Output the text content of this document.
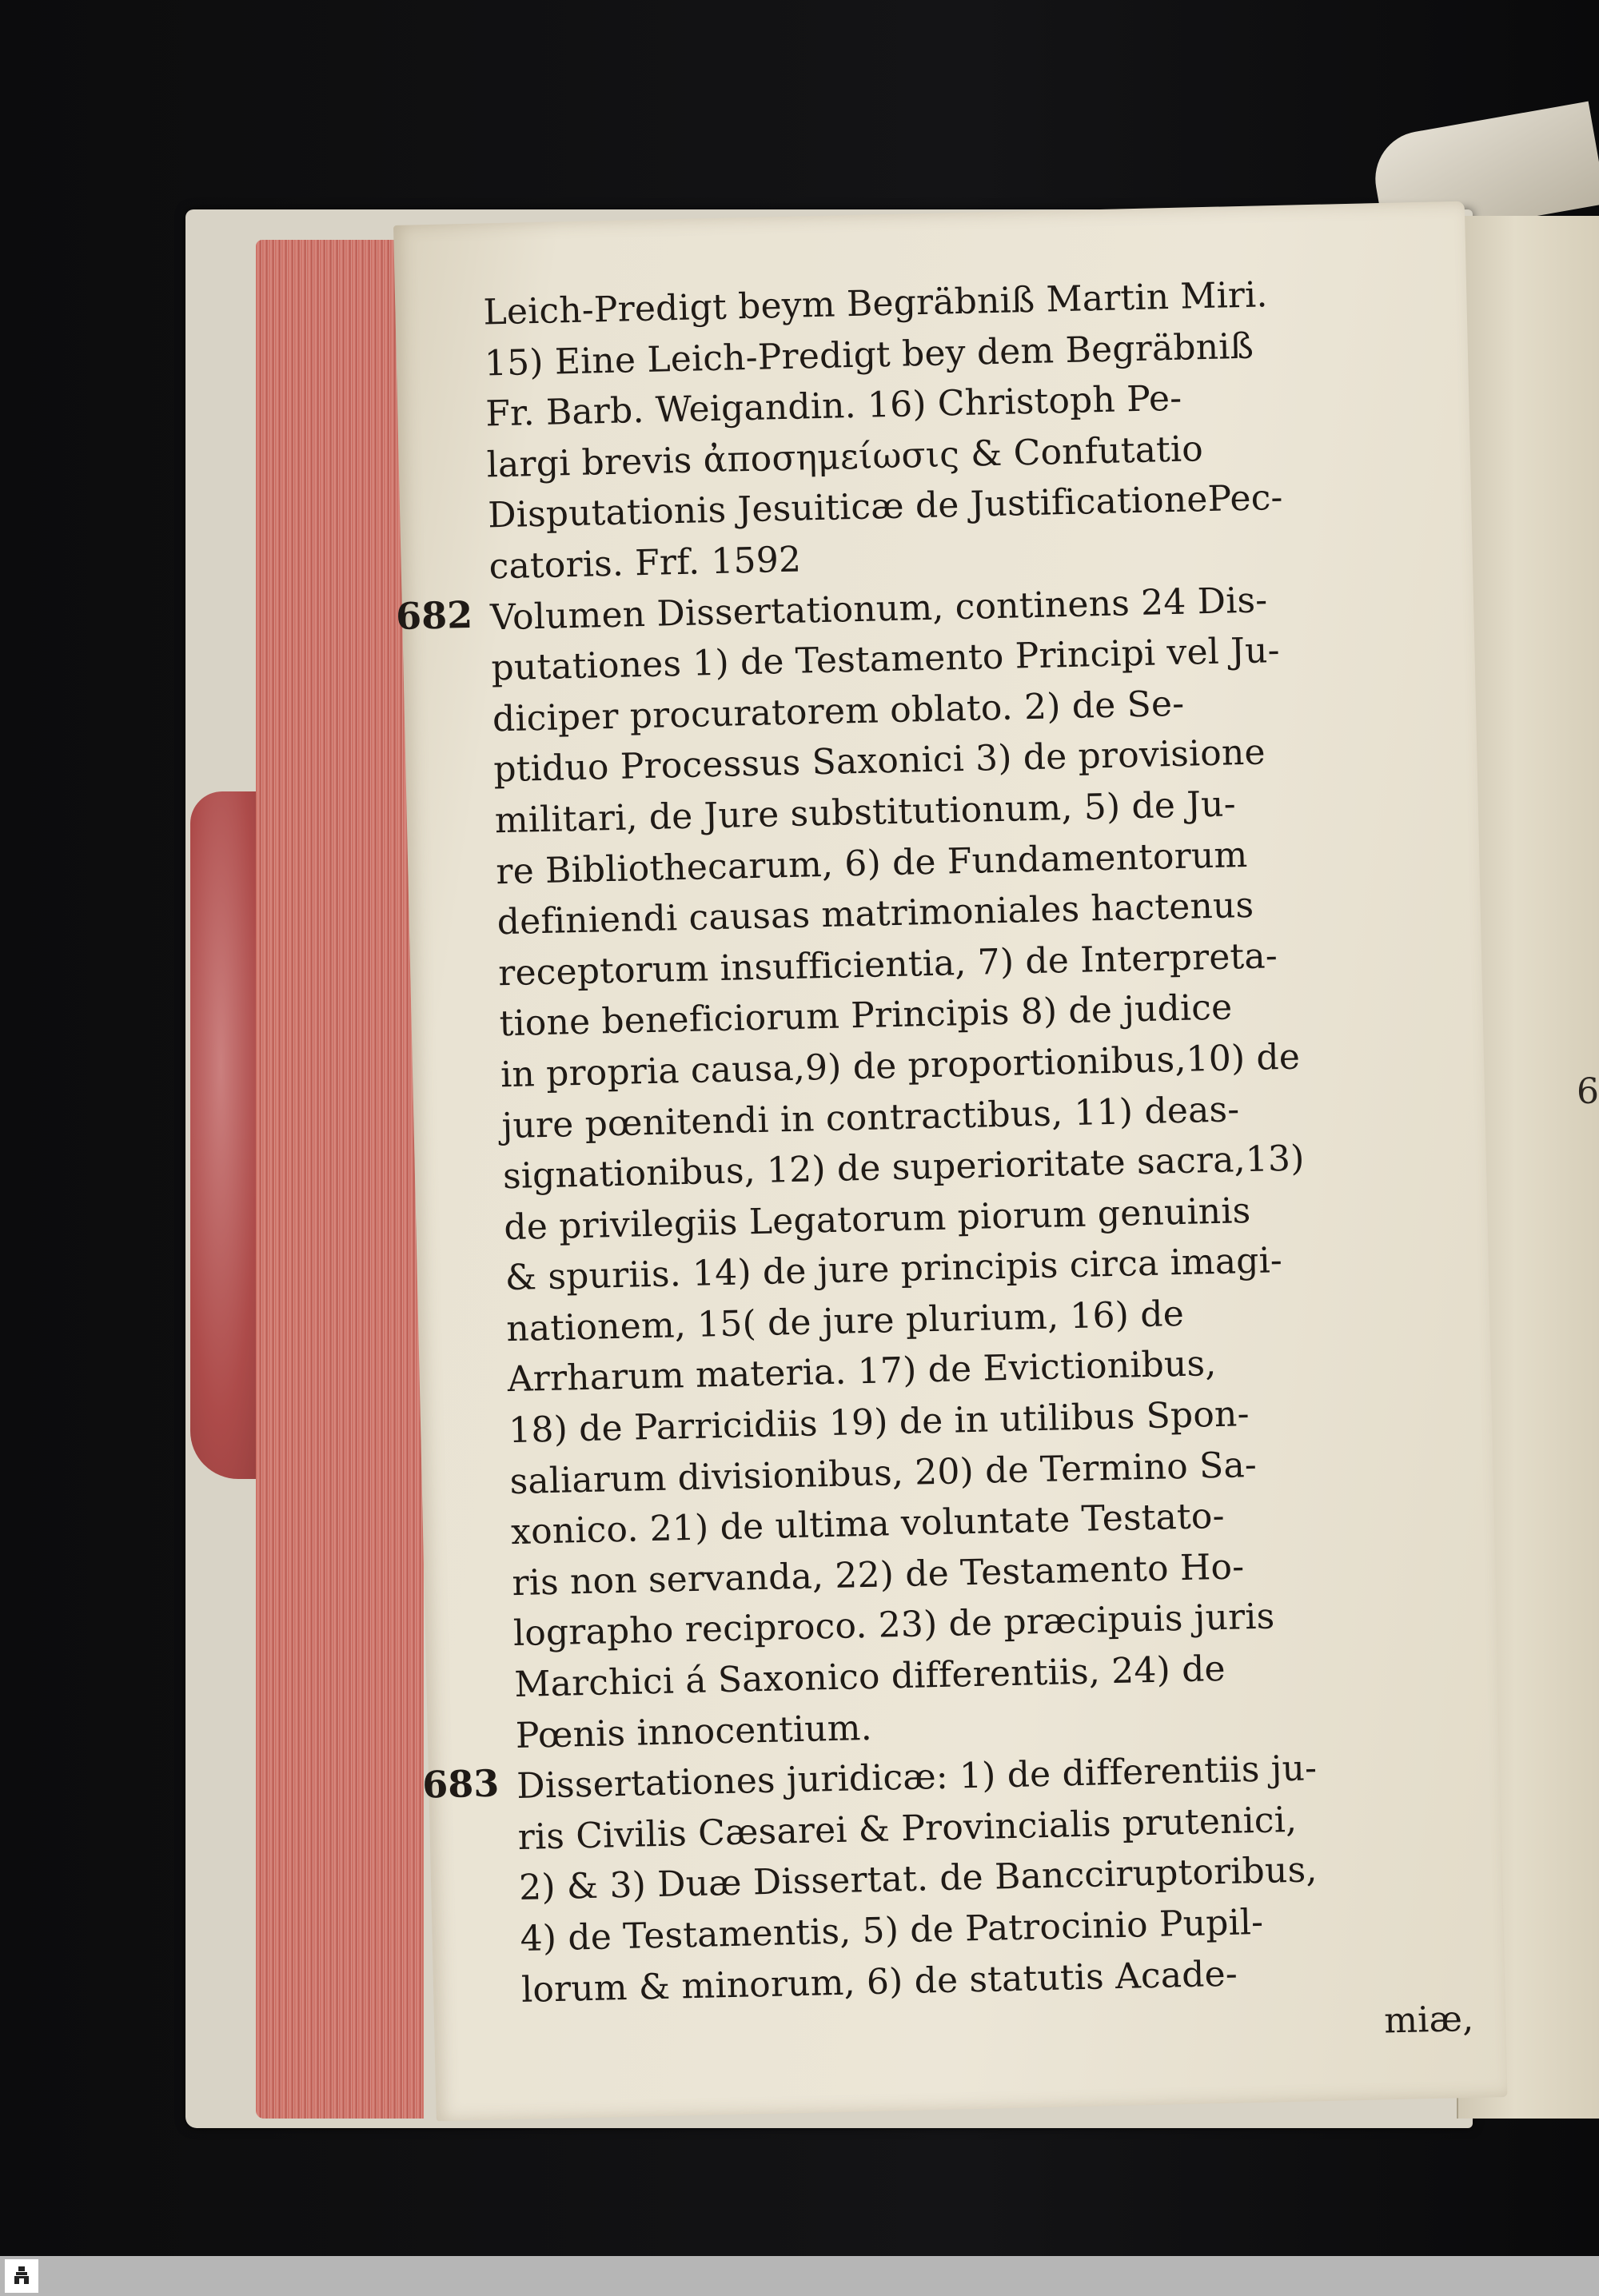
6
Leich-Predigt beym Begräbniß Martin Miri.
15) Eine Leich-Predigt bey dem Begräbniß
Fr. Barb. Weigandin. 16) Christoph Pe-
largi brevis ἀποσημείωσις & Confutatio
Disputationis Jesuiticæ de JustificationePec-
catoris. Frf. 1592
682 Volumen Dissertationum, continens 24 Dis-
putationes 1) de Testamento Principi vel Ju-
diciper procuratorem oblato. 2) de Se-
ptiduo Processus Saxonici 3) de provisione
militari, de Jure substitutionum, 5) de Ju-
re Bibliothecarum, 6) de Fundamentorum
definiendi causas matrimoniales hactenus
receptorum insufficientia, 7) de Interpreta-
tione beneficiorum Principis 8) de judice
in propria causa,9) de proportionibus,10) de
jure pœnitendi in contractibus, 11) deas-
signationibus, 12) de superioritate sacra,13)
de privilegiis Legatorum piorum genuinis
& spuriis. 14) de jure principis circa imagi-
nationem, 15( de jure plurium, 16) de
Arrharum materia. 17) de Evictionibus,
18) de Parricidiis 19) de in utilibus Spon-
saliarum divisionibus, 20) de Termino Sa-
xonico. 21) de ultima voluntate Testato-
ris non servanda, 22) de Testamento Ho-
lographo reciproco. 23) de præcipuis juris
Marchici á Saxonico differentiis, 24) de
Pœnis innocentium.
683 Dissertationes juridicæ: 1) de differentiis ju-
ris Civilis Cæsarei & Provincialis prutenici,
2) & 3) Duæ Dissertat. de Bancciruptoribus,
4) de Testamentis, 5) de Patrocinio Pupil-
lorum & minorum, 6) de statutis Acade-
miæ,
